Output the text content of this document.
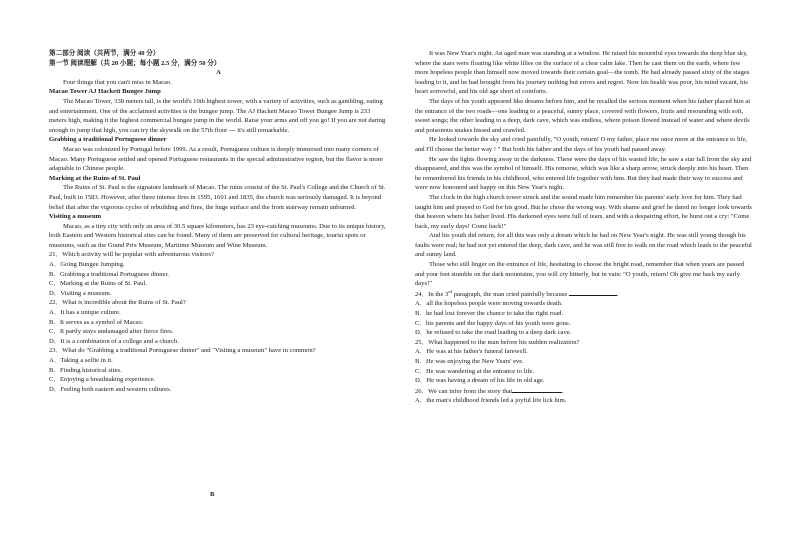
第二部分 阅读（共两节，满分 40 分）

第一节 阅读理解（共 20 小题；每小题 2.5 分，满分 50 分）

A

Four things that you can't miss in Macao.

Macao Tower AJ Hackett Bungee Jump

The Macao Tower, 338 meters tall, is the world's 10th highest tower, with a variety of activities, such as gambling, eating and entertainment. One of the acclaimed activities is the bungee jump. The AJ Hackett Macao Tower Bungee Jump is 233 meters high, making it the highest commercial bungee jump in the world. Raise your arms and off you go! If you are not daring enough to jump that high, you can try the skywalk on the 57th floor --- it's still remarkable.

Grabbing a traditional Portuguese dinner

Macao was colonized by Portugal before 1999. As a result, Portuguese culture is deeply immersed into many corners of Macao. Many Portuguese settled and opened Portuguese restaurants in the special administrative region, but the flavor is more adaptable to Chinese people.

Marking at the Ruins of St. Paul

The Ruins of St. Paul is the signature landmark of Macao. The ruins consist of the St. Paul's College and the Church of St. Paul, built in 1583. However, after three intense fires in 1595, 1601 and 1835, the church was seriously damaged. It is beyond belief that after the vigorous cycles of rebuilding and fires, the huge surface and the front stairway remain unburned.

Visiting a museum

Macao, as a tiny city with only an area of 30.5 square kilometers, has 23 eye-catching museums. Due to its unique history, both Eastern and Western historical sites can be found. Many of them are preserved for cultural heritage, tourist spots or museums, such as the Grand Prix Museum, Maritime Museum and Wine Museum.

21．Which activity will be popular with adventurous visitors?

A．Going Bungee Jumping.

B．Grabbing a traditional Portuguese dinner.

C．Marking at the Ruins of St. Paul.

D．Visiting a museum.

22．What is incredible about the Ruins of St. Paul?

A．It has a unique culture.

B．It serves as a symbol of Macao.

C．It partly stays undamaged after fierce fires.

D．It is a combination of a college and a church.

23．What do "Grabbing a traditional Portuguese dinner" and "Visiting a museum" have in common?

A．Taking a selfie in it.

B．Finding historical sites.

C．Enjoying a breathtaking experience.

D．Feeling both eastern and western cultures.

B

It was New Year's night. An aged man was standing at a window. He raised his mournful eyes towards the deep blue sky, where the stars were floating like white lilies on the surface of a clear calm lake. Then he cast them on the earth, where few more hopeless people than himself now moved towards their certain goal—the tomb. He had already passed sixty of the stages leading to it, and he had brought from his journey nothing but errors and regret. Now his health was poor, his mind vacant, his heart sorrowful, and his old age short of comforts.

The days of his youth appeared like dreams before him, and he recalled the serious moment when his father placed him at the entrance of the two roads—one leading to a peaceful, sunny place, covered with flowers, fruits and resounding with soft, sweet songs; the other leading to a deep, dark cave, which was endless, where poison flowed instead of water and where devils and poisonous snakes hissed and crawled.

He looked towards the sky and cried painfully, "O youth, return! O my father, place me once more at the entrance to life, and I'll choose the better way ! " But both his father and the days of his youth had passed away.

He saw the lights flowing away in the darkness. These were the days of his wasted life; he saw a star fall from the sky and disappeared, and this was the symbol of himself. His remorse, which was like a sharp arrow, struck deeply into his heart. Then he remembered his friends in his childhood, who entered life together with him. But they had made their way to success and were now honoured and happy on this New Year's night.

The clock in the high church tower struck and the sound made him remember his parents' early love for him. They had taught him and prayed to God for his good. But he chose the wrong way. With shame and grief he dared no longer look towards that heaven where his father lived. His darkened eyes were full of tears, and with a despairing effort, he burst out a cry: "Come back, my early days! Come back!"

And his youth did return, for all this was only a dream which he had on New Year's night. He was still young though his faults were real; he had not yet entered the deep, dark cave, and he was still free to walk on the road which leads to the peaceful and sunny land.

Those who still linger on the entrance of life, hesitating to choose the bright road, remember that when years are passed and your feet stumble on the dark mountains, you will cry bitterly, but in vain: "O youth, return! Oh give me back my early days!"

24．In the 3rd paragraph, the man cried painfully because	.

A．all the hopeless people were moving towards death.

B．he had lost forever the chance to take the right road.

C．his parents and the happy days of his youth were gone.

D．he refused to take the road leading to a deep dark cave.

25．What happened to the man before his sudden realization?

A．He was at his father's funeral farewell.

B．He was enjoying the New Years' eve.

C．He was wandering at the entrance to life.

D．He was having a dream of his life in old age.

26．We can infer from the story that	.

A．the man's childhood friends led a joyful life lick him.
